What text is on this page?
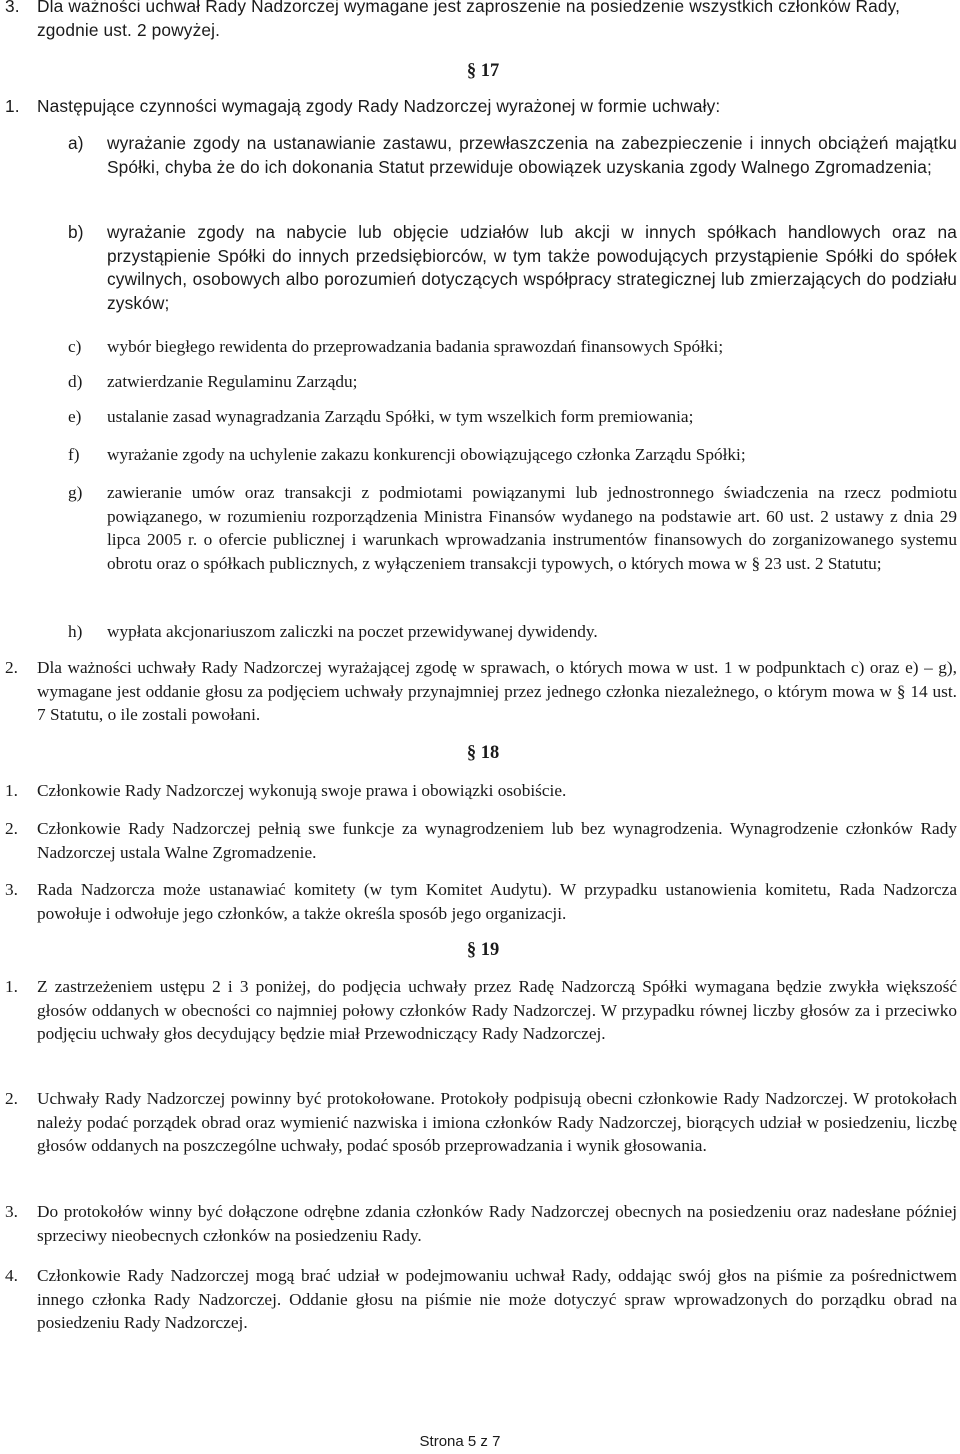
3. Dla ważności uchwał Rady Nadzorczej wymagane jest zaproszenie na posiedzenie wszystkich członków Rady, zgodnie ust. 2 powyżej.
§ 17
1. Następujące czynności wymagają zgody Rady Nadzorczej wyrażonej w formie uchwały:
a) wyrażanie zgody na ustanawianie zastawu, przewłaszczenia na zabezpieczenie i innych obciążeń majątku Spółki, chyba że do ich dokonania Statut przewiduje obowiązek uzyskania zgody Walnego Zgromadzenia;
b) wyrażanie zgody na nabycie lub objęcie udziałów lub akcji w innych spółkach handlowych oraz na przystąpienie Spółki do innych przedsiębiorców, w tym także powodujących przystąpienie Spółki do spółek cywilnych, osobowych albo porozumień dotyczących współpracy strategicznej lub zmierzających do podziału zysków;
c) wybór biegłego rewidenta do przeprowadzania badania sprawozdań finansowych Spółki;
d) zatwierdzanie Regulaminu Zarządu;
e) ustalanie zasad wynagradzania Zarządu Spółki, w tym wszelkich form premiowania;
f) wyrażanie zgody na uchylenie zakazu konkurencji obowiązującego członka Zarządu Spółki;
g) zawieranie umów oraz transakcji z podmiotami powiązanymi lub jednostronnego świadczenia na rzecz podmiotu powiązanego, w rozumieniu rozporządzenia Ministra Finansów wydanego na podstawie art. 60 ust. 2 ustawy z dnia 29 lipca 2005 r. o ofercie publicznej i warunkach wprowadzania instrumentów finansowych do zorganizowanego systemu obrotu oraz o spółkach publicznych, z wyłączeniem transakcji typowych, o których mowa w § 23 ust. 2 Statutu;
h) wypłata akcjonariuszom zaliczki na poczet przewidywanej dywidendy.
2. Dla ważności uchwały Rady Nadzorczej wyrażającej zgodę w sprawach, o których mowa w ust. 1 w podpunktach c) oraz e) – g), wymagane jest oddanie głosu za podjęciem uchwały przynajmniej przez jednego członka niezależnego, o którym mowa w § 14 ust. 7 Statutu, o ile zostali powołani.
§ 18
1. Członkowie Rady Nadzorczej wykonują swoje prawa i obowiązki osobiście.
2. Członkowie Rady Nadzorczej pełnią swe funkcje za wynagrodzeniem lub bez wynagrodzenia. Wynagrodzenie członków Rady Nadzorczej ustala Walne Zgromadzenie.
3. Rada Nadzorcza może ustanawiać komitety (w tym Komitet Audytu). W przypadku ustanowienia komitetu, Rada Nadzorcza powołuje i odwołuje jego członków, a także określa sposób jego organizacji.
§ 19
1. Z zastrzeżeniem ustępu 2 i 3 poniżej, do podjęcia uchwały przez Radę Nadzorczą Spółki wymagana będzie zwykła większość głosów oddanych w obecności co najmniej połowy członków Rady Nadzorczej. W przypadku równej liczby głosów za i przeciwko podjęciu uchwały głos decydujący będzie miał Przewodniczący Rady Nadzorczej.
2. Uchwały Rady Nadzorczej powinny być protokołowane. Protokoły podpisują obecni członkowie Rady Nadzorczej. W protokołach należy podać porządek obrad oraz wymienić nazwiska i imiona członków Rady Nadzorczej, biorących udział w posiedzeniu, liczbę głosów oddanych na poszczególne uchwały, podać sposób przeprowadzania i wynik głosowania.
3. Do protokołów winny być dołączone odrębne zdania członków Rady Nadzorczej obecnych na posiedzeniu oraz nadesłane później sprzeciwy nieobecnych członków na posiedzeniu Rady.
4. Członkowie Rady Nadzorczej mogą brać udział w podejmowaniu uchwał Rady, oddając swój głos na piśmie za pośrednictwem innego członka Rady Nadzorczej. Oddanie głosu na piśmie nie może dotyczyć spraw wprowadzonych do porządku obrad na posiedzeniu Rady Nadzorczej.
Strona 5 z 7
